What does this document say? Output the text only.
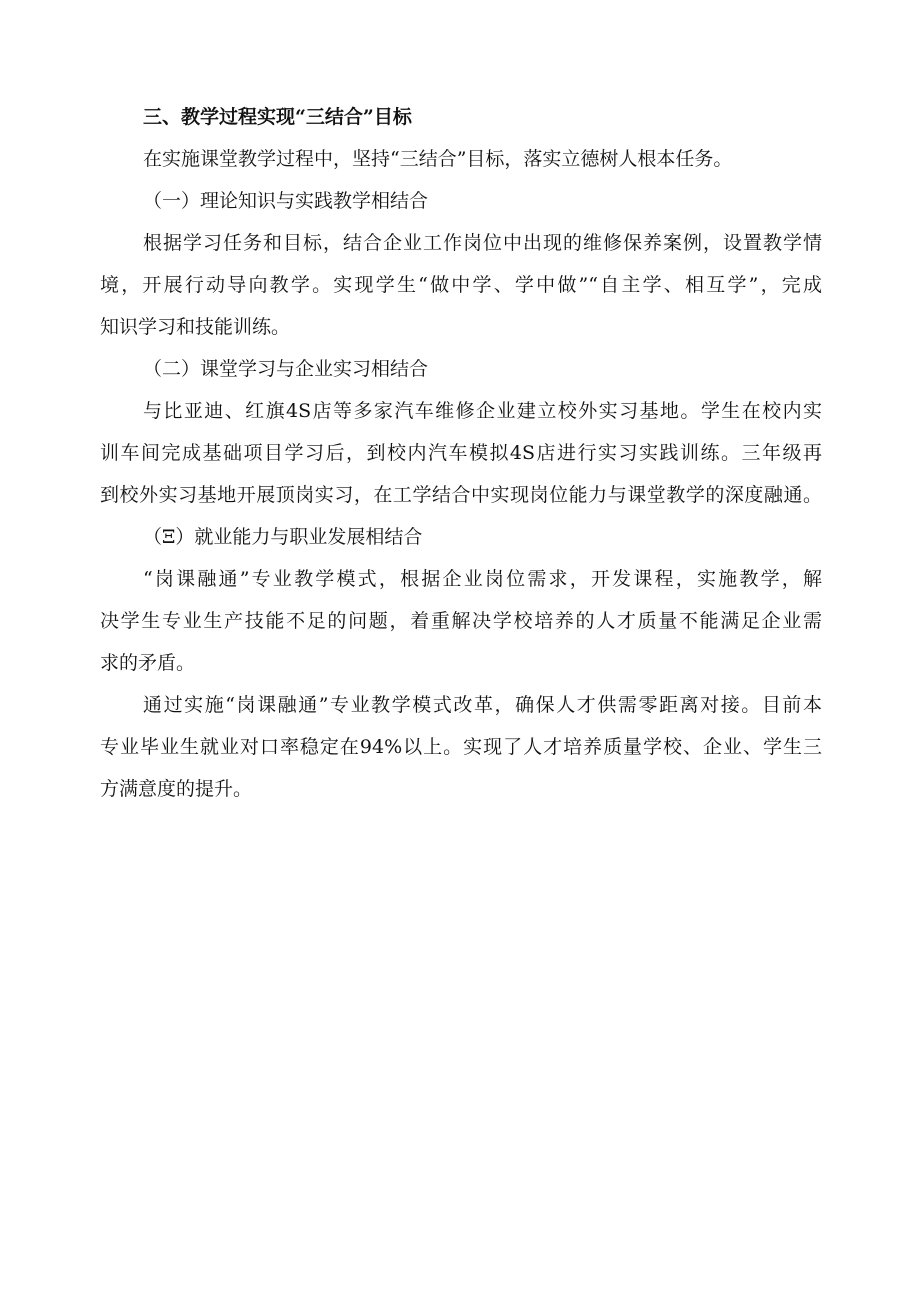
三、教学过程实现“三结合”目标

在实施课堂教学过程中，坚持“三结合”目标，落实立德树人根本任务。

（一）理论知识与实践教学相结合

根据学习任务和目标，结合企业工作岗位中出现的维修保养案例，设置教学情

境，开展行动导向教学。实现学生“做中学、学中做”“自主学、相互学”，完成

知识学习和技能训练。

（二）课堂学习与企业实习相结合

与比亚迪、红旗4S店等多家汽车维修企业建立校外实习基地。学生在校内实

训车间完成基础项目学习后，到校内汽车模拟4S店进行实习实践训练。三年级再

到校外实习基地开展顶岗实习，在工学结合中实现岗位能力与课堂教学的深度融通。

（Ξ）就业能力与职业发展相结合

“岗课融通”专业教学模式，根据企业岗位需求，开发课程，实施教学，解

决学生专业生产技能不足的问题，着重解决学校培养的人才质量不能满足企业需

求的矛盾。

通过实施“岗课融通”专业教学模式改革，确保人才供需零距离对接。目前本

专业毕业生就业对口率稳定在94%以上。实现了人才培养质量学校、企业、学生三

方满意度的提升。
